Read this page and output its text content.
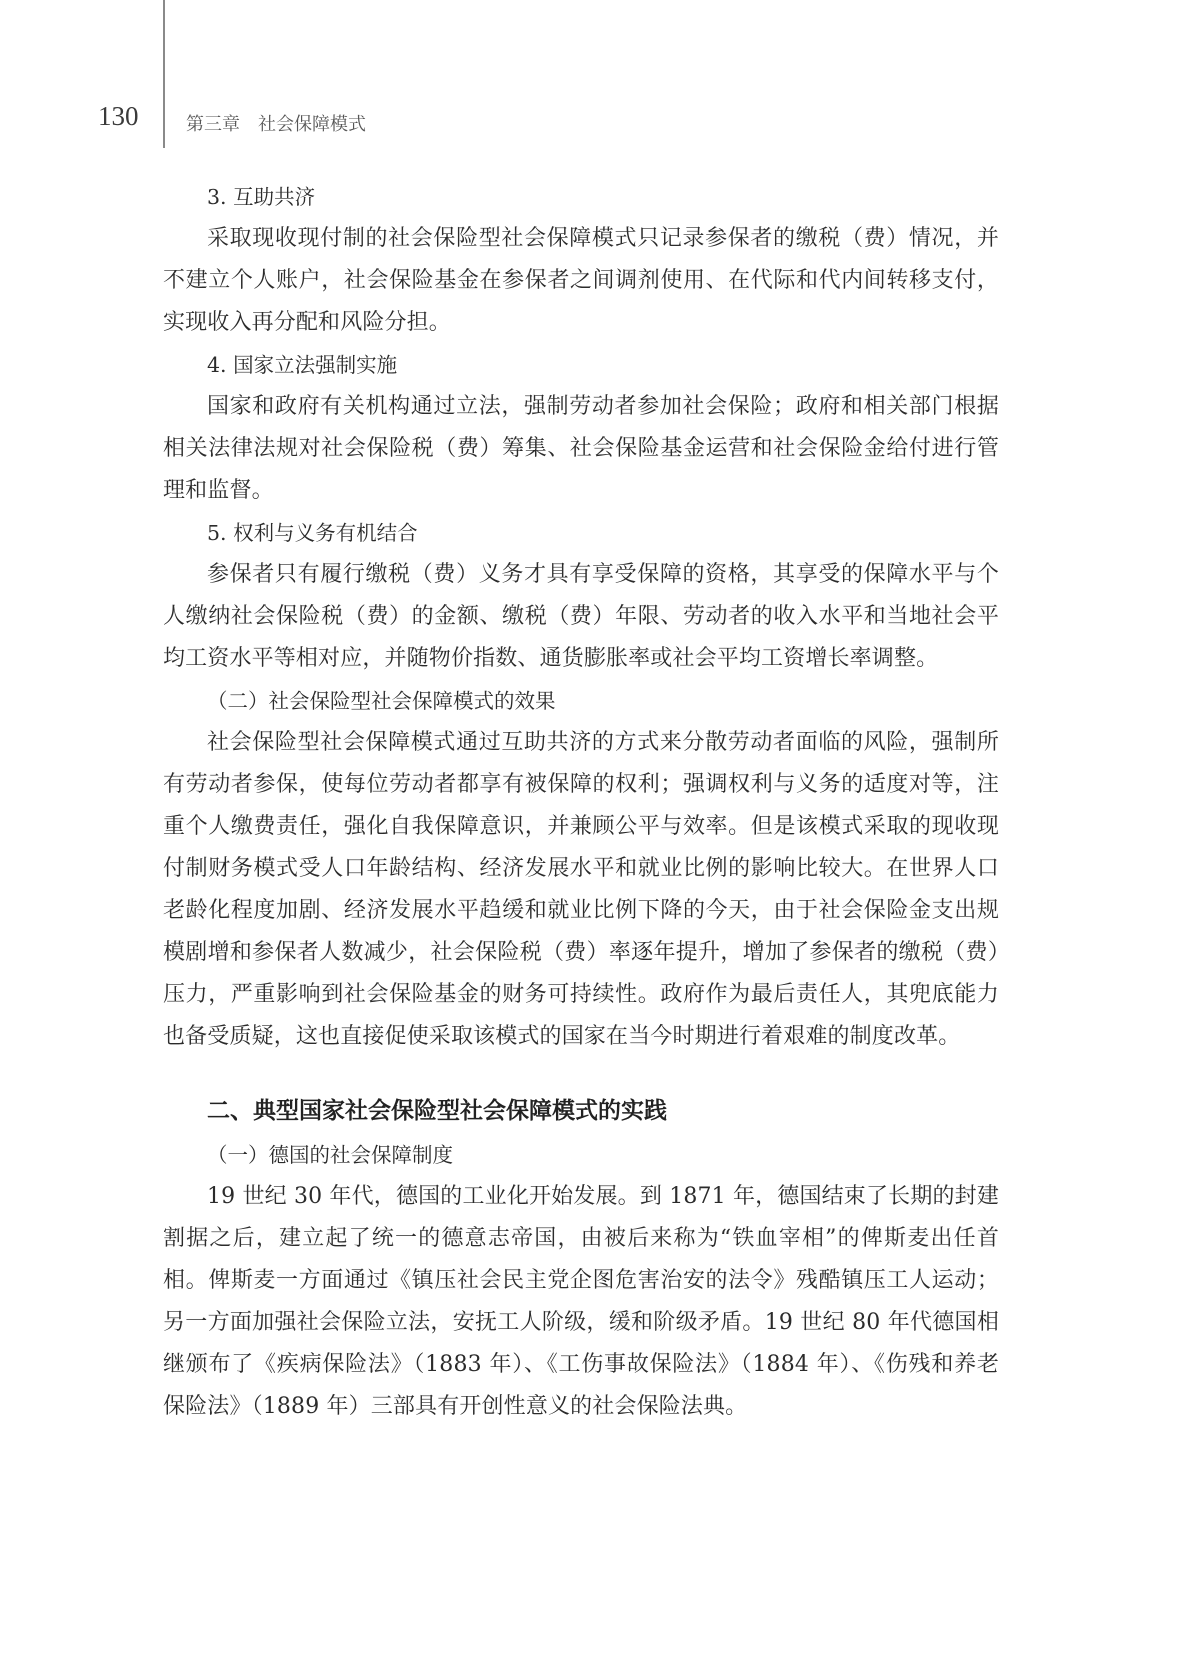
130	第三章　社会保障模式
3. 互助共济

采取现收现付制的社会保险型社会保障模式只记录参保者的缴税（费）情况，并不建立个人账户，社会保险基金在参保者之间调剂使用、在代际和代内间转移支付，实现收入再分配和风险分担。

4. 国家立法强制实施

国家和政府有关机构通过立法，强制劳动者参加社会保险；政府和相关部门根据相关法律法规对社会保险税（费）筹集、社会保险基金运营和社会保险金给付进行管理和监督。

5. 权利与义务有机结合

参保者只有履行缴税（费）义务才具有享受保障的资格，其享受的保障水平与个人缴纳社会保险税（费）的金额、缴税（费）年限、劳动者的收入水平和当地社会平均工资水平等相对应，并随物价指数、通货膨胀率或社会平均工资增长率调整。

（二）社会保险型社会保障模式的效果

社会保险型社会保障模式通过互助共济的方式来分散劳动者面临的风险，强制所有劳动者参保，使每位劳动者都享有被保障的权利；强调权利与义务的适度对等，注重个人缴费责任，强化自我保障意识，并兼顾公平与效率。但是该模式采取的现收现付制财务模式受人口年龄结构、经济发展水平和就业比例的影响比较大。在世界人口老龄化程度加剧、经济发展水平趋缓和就业比例下降的今天，由于社会保险金支出规模剧增和参保者人数减少，社会保险税（费）率逐年提升，增加了参保者的缴税（费）压力，严重影响到社会保险基金的财务可持续性。政府作为最后责任人，其兜底能力也备受质疑，这也直接促使采取该模式的国家在当今时期进行着艰难的制度改革。

二、典型国家社会保险型社会保障模式的实践
（一）德国的社会保障制度

19 世纪 30 年代，德国的工业化开始发展。到 1871 年，德国结束了长期的封建割据之后，建立起了统一的德意志帝国，由被后来称为“铁血宰相”的俾斯麦出任首相。俾斯麦一方面通过《镇压社会民主党企图危害治安的法令》残酷镇压工人运动；另一方面加强社会保险立法，安抚工人阶级，缓和阶级矛盾。19 世纪 80 年代德国相继颁布了《疾病保险法》（1883 年）、《工伤事故保险法》（1884 年）、《伤残和养老保险法》（1889 年）三部具有开创性意义的社会保险法典。
